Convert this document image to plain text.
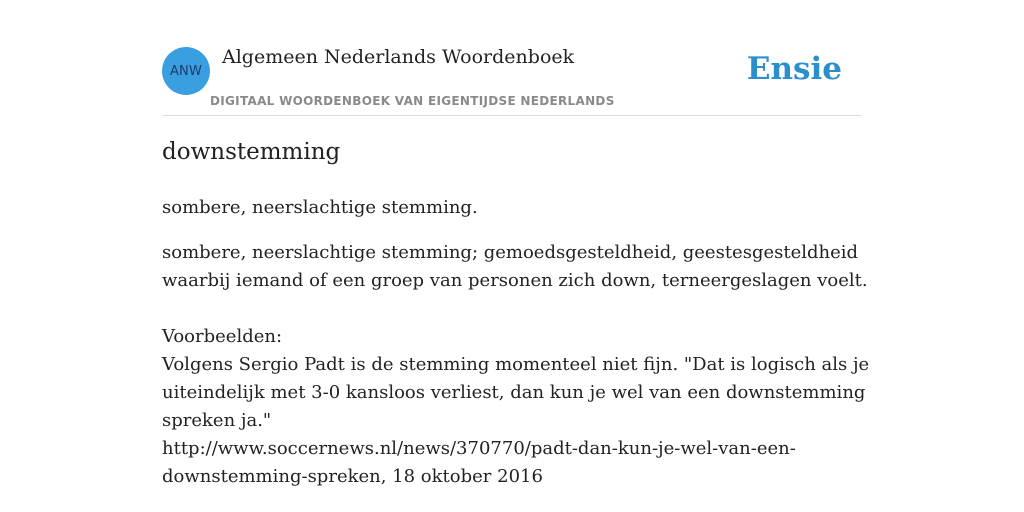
ANW
Algemeen Nederlands Woordenboek
DIGITAAL WOORDENBOEK VAN EIGENTIJDSE NEDERLANDS
Ensie
downstemming
sombere, neerslachtige stemming.
sombere, neerslachtige stemming; gemoedsgesteldheid, geestesgesteldheid
waarbij iemand of een groep van personen zich down, terneergeslagen voelt.
Voorbeelden:
Volgens Sergio Padt is de stemming momenteel niet fijn. "Dat is logisch als je
uiteindelijk met 3-0 kansloos verliest, dan kun je wel van een downstemming
spreken ja."
http://www.soccernews.nl/news/370770/padt-dan-kun-je-wel-van-een-
downstemming-spreken, 18 oktober 2016
